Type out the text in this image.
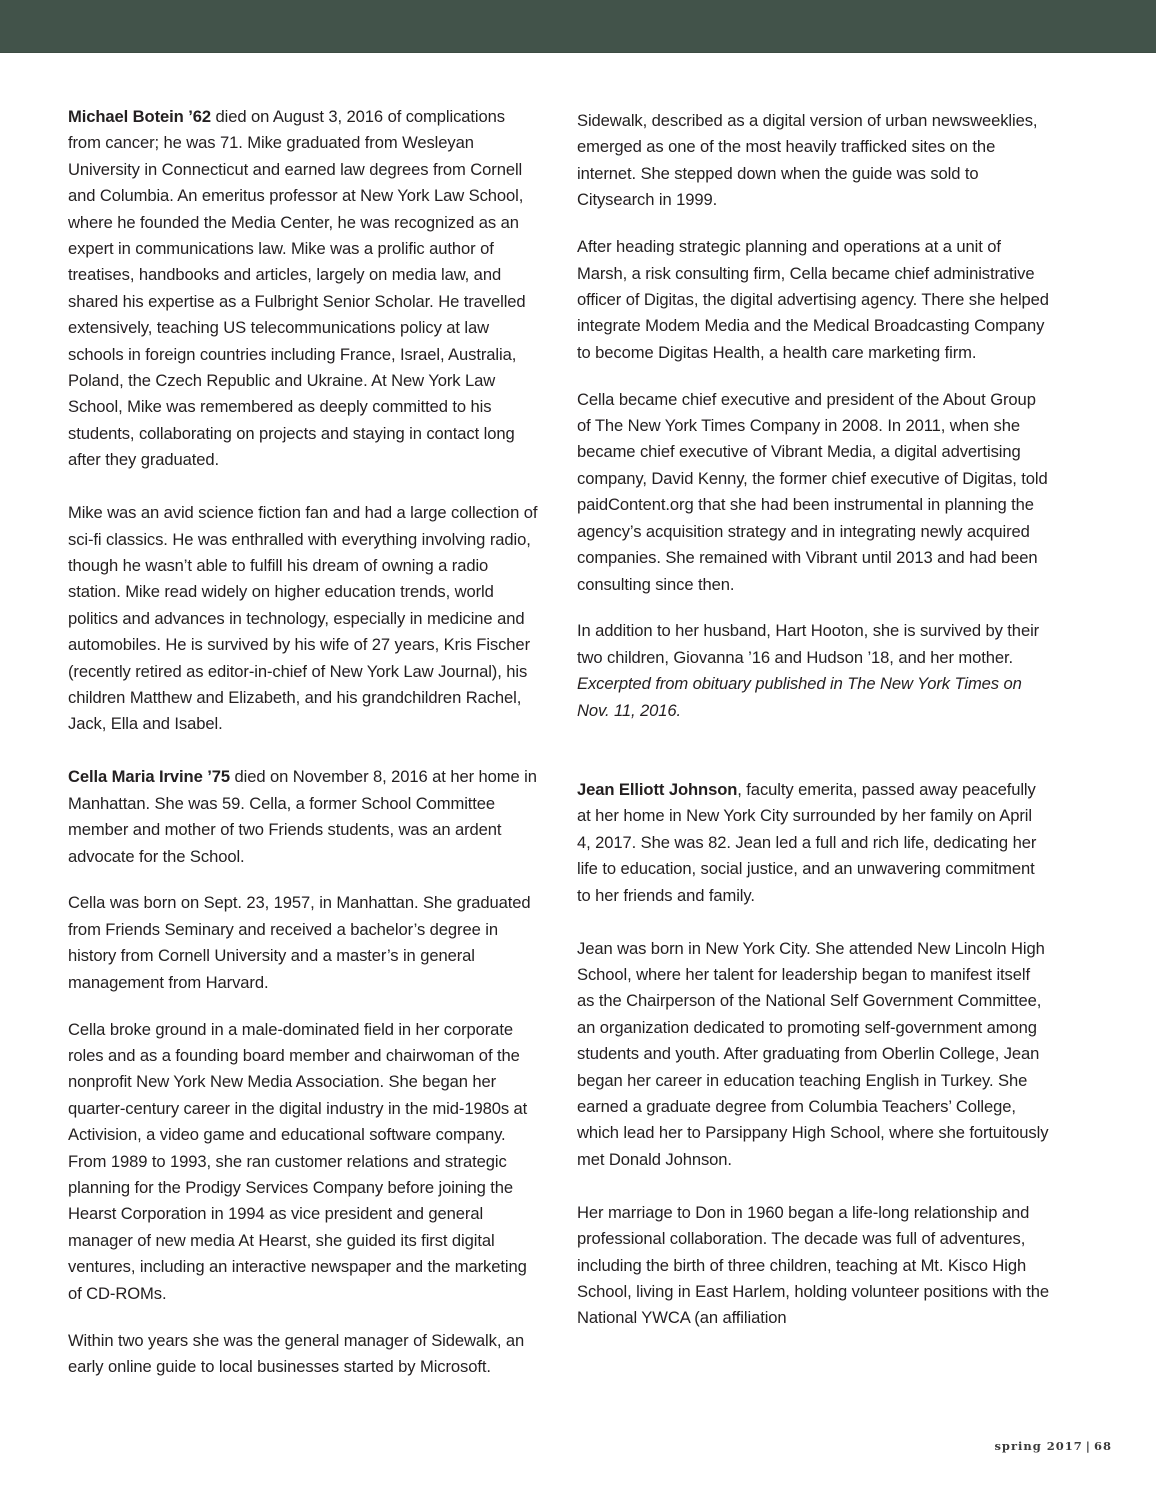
Michael Botein ’62 died on August 3, 2016 of complications from cancer; he was 71. Mike graduated from Wesleyan University in Connecticut and earned law degrees from Cornell and Columbia. An emeritus professor at New York Law School, where he founded the Media Center, he was recognized as an expert in communications law. Mike was a prolific author of treatises, handbooks and articles, largely on media law, and shared his expertise as a Fulbright Senior Scholar. He travelled extensively, teaching US telecommunications policy at law schools in foreign countries including France, Israel, Australia, Poland, the Czech Republic and Ukraine. At New York Law School, Mike was remembered as deeply committed to his students, collaborating on projects and staying in contact long after they graduated.

Mike was an avid science fiction fan and had a large collection of sci-fi classics. He was enthralled with everything involving radio, though he wasn’t able to fulfill his dream of owning a radio station. Mike read widely on higher education trends, world politics and advances in technology, especially in medicine and automobiles. He is survived by his wife of 27 years, Kris Fischer (recently retired as editor-in-chief of New York Law Journal), his children Matthew and Elizabeth, and his grandchildren Rachel, Jack, Ella and Isabel.

Cella Maria Irvine ’75 died on November 8, 2016 at her home in Manhattan. She was 59. Cella, a former School Committee member and mother of two Friends students, was an ardent advocate for the School.

Cella was born on Sept. 23, 1957, in Manhattan. She graduated from Friends Seminary and received a bachelor’s degree in history from Cornell University and a master’s in general management from Harvard.

Cella broke ground in a male-dominated field in her corporate roles and as a founding board member and chairwoman of the nonprofit New York New Media Association. She began her quarter-century career in the digital industry in the mid-1980s at Activision, a video game and educational software company. From 1989 to 1993, she ran customer relations and strategic planning for the Prodigy Services Company before joining the Hearst Corporation in 1994 as vice president and general manager of new media At Hearst, she guided its first digital ventures, including an interactive newspaper and the marketing of CD-ROMs.

Within two years she was the general manager of Sidewalk, an early online guide to local businesses started by Microsoft.

Sidewalk, described as a digital version of urban newsweeklies, emerged as one of the most heavily trafficked sites on the internet. She stepped down when the guide was sold to Citysearch in 1999.

After heading strategic planning and operations at a unit of Marsh, a risk consulting firm, Cella became chief administrative officer of Digitas, the digital advertising agency. There she helped integrate Modem Media and the Medical Broadcasting Company to become Digitas Health, a health care marketing firm.

Cella became chief executive and president of the About Group of The New York Times Company in 2008. In 2011, when she became chief executive of Vibrant Media, a digital advertising company, David Kenny, the former chief executive of Digitas, told paidContent.org that she had been instrumental in planning the agency’s acquisition strategy and in integrating newly acquired companies. She remained with Vibrant until 2013 and had been consulting since then.

In addition to her husband, Hart Hooton, she is survived by their two children, Giovanna ’16 and Hudson ’18, and her mother. Excerpted from obituary published in The New York Times on Nov. 11, 2016.

Jean Elliott Johnson, faculty emerita, passed away peacefully at her home in New York City surrounded by her family on April 4, 2017. She was 82. Jean led a full and rich life, dedicating her life to education, social justice, and an unwavering commitment to her friends and family.

Jean was born in New York City. She attended New Lincoln High School, where her talent for leadership began to manifest itself as the Chairperson of the National Self Government Committee, an organization dedicated to promoting self-government among students and youth. After graduating from Oberlin College, Jean began her career in education teaching English in Turkey. She earned a graduate degree from Columbia Teachers’ College, which lead her to Parsippany High School, where she fortuitously met Donald Johnson.

Her marriage to Don in 1960 began a life-long relationship and professional collaboration. The decade was full of adventures, including the birth of three children, teaching at Mt. Kisco High School, living in East Harlem, holding volunteer positions with the National YWCA (an affiliation

spring 2017 | 68
